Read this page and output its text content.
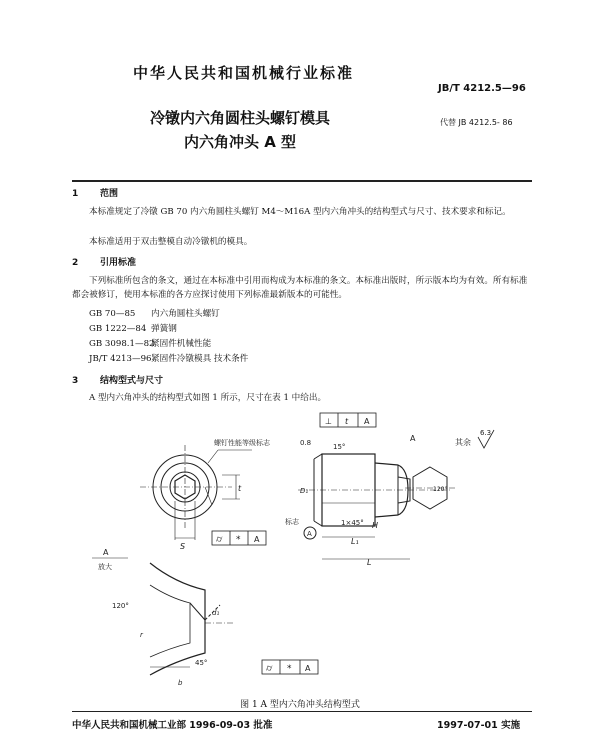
中华人民共和国机械行业标准
JB/T 4212.5—96
冷镦内六角圆柱头螺钉模具
内六角冲头 A 型
代替 JB 4212.5- 86
1 范围
本标准规定了冷镦 GB 70 内六角圆柱头螺钉 M4～M16A 型内六角冲头的结构型式与尺寸、技术要求和标记。
本标准适用于双击整模自动冷镦机的模具。
2 引用标准
下列标准所包含的条文，通过在本标准中引用而构成为本标准的条文。本标准出版时，所示版本均为有效。所有标准都会被修订，使用本标准的各方应探讨使用下列标准最新版本的可能性。
GB 70—85 内六角圆柱头螺钉
GB 1222—84 弹簧钢
GB 3098.1—82紧固件机械性能
JB/T 4213—96紧固件冷镦模具 技术条件
3 结构型式与尺寸
A 型内六角冲头的结构型式如图 1 所示，尺寸在表 1 中给出。
螺钉性能等级标志
S
t
⌭ * A
D₁
1×45° H
L₁
L
15°
0.8
⊥ t A
标志
A
A
120°
其余
6.3
A
放大
120°
45°
d₁
b
r
⌭ * A
图 1 A 型内六角冲头结构型式
中华人民共和国机械工业部 1996-09-03 批准	1997-07-01 实施
